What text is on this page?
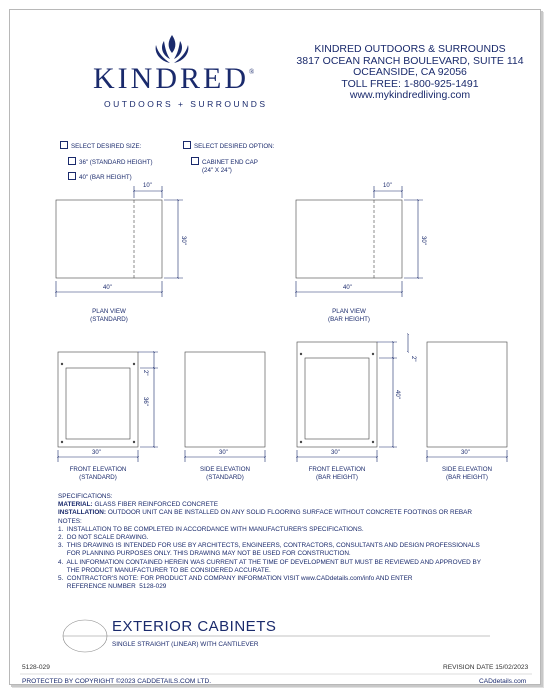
KINDRED®
OUTDOORS + SURROUNDS
KINDRED OUTDOORS & SURROUNDS
3817 OCEAN RANCH BOULEVARD, SUITE 114
OCEANSIDE, CA 92056
TOLL FREE: 1-800-925-1491
www.mykindredliving.com
SELECT DESIRED SIZE:
36" (STANDARD HEIGHT)
40" (BAR HEIGHT)
SELECT DESIRED OPTION:
CABINET END CAP
(24" X 24")
10"
30"
40"
10"
30"
40"
2"
36"
30"	30"
2"
40"
30"	30"
PLAN VIEW
(STANDARD)
PLAN VIEW
(BAR HEIGHT)
FRONT ELEVATION
(STANDARD)
SIDE ELEVATION
(STANDARD)
FRONT ELEVATION
(BAR HEIGHT)
SIDE ELEVATION
(BAR HEIGHT)
SPECIFICATIONS:
MATERIAL: GLASS FIBER REINFORCED CONCRETE
INSTALLATION: OUTDOOR UNIT CAN BE INSTALLED ON ANY SOLID FLOORING SURFACE WITHOUT CONCRETE FOOTINGS OR REBAR
NOTES:
1.  INSTALLATION TO BE COMPLETED IN ACCORDANCE WITH MANUFACTURER'S SPECIFICATIONS.
2.  DO NOT SCALE DRAWING.
3.  THIS DRAWING IS INTENDED FOR USE BY ARCHITECTS, ENGINEERS, CONTRACTORS, CONSULTANTS AND DESIGN PROFESSIONALS
FOR PLANNING PURPOSES ONLY. THIS DRAWING MAY NOT BE USED FOR CONSTRUCTION.
4.  ALL INFORMATION CONTAINED HEREIN WAS CURRENT AT THE TIME OF DEVELOPMENT BUT MUST BE REVIEWED AND APPROVED BY
THE PRODUCT MANUFACTURER TO BE CONSIDERED ACCURATE.
5.  CONTRACTOR'S NOTE: FOR PRODUCT AND COMPANY INFORMATION VISIT www.CADdetails.com/info AND ENTER
REFERENCE NUMBER  5128-029
EXTERIOR CABINETS
SINGLE STRAIGHT (LINEAR) WITH CANTILEVER
5128-029	REVISION DATE 15/02/2023
PROTECTED BY COPYRIGHT ©2023 CADDETAILS.COM LTD.	CADdetails.com
